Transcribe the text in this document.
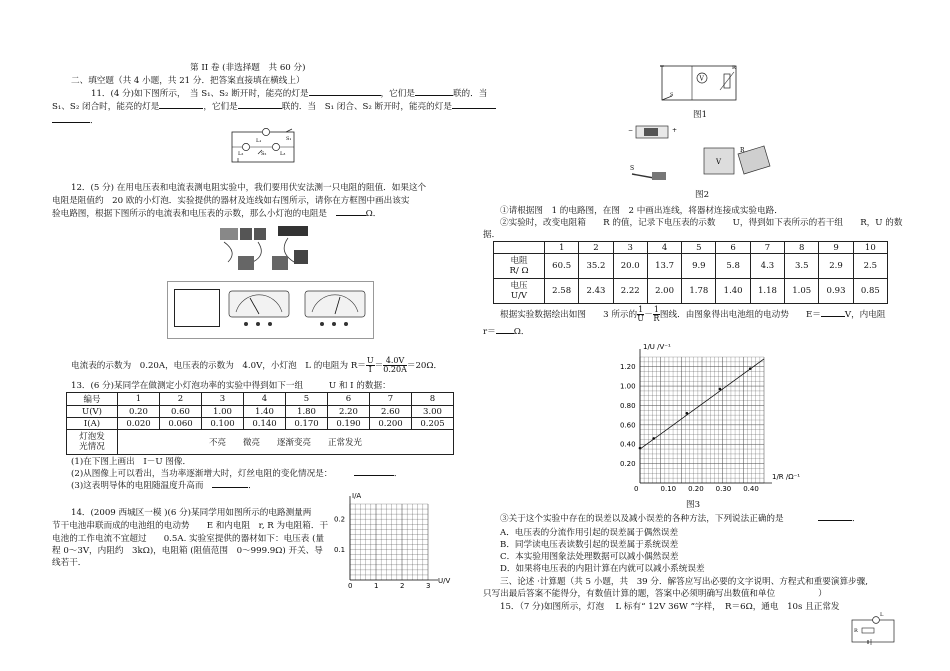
第 II 卷 (非选择题　共 60 分)
二、填空题（共 4 小题，共 21 分．把答案直接填在横线上）
11．(4 分)如下图所示，　当 S₁、S₂ 断开时，能亮的灯是	，它们是	联的．当
S₁、S₂ 闭合时，能亮的灯是	，它们是	联的．当　S₁ 闭合、S₂ 断开时，能亮的灯是
．
L₁
L₂	L₃
S₁
S₂
12．(5 分) 在用电压表和电流表测电阻实验中，我们要用伏安法测一只电阻的阻值．如果这个
电阻是阻值约　20 欧的小灯泡．实验提供的器材及连线如右图所示，请你在方框图中画出该实
验电路图，根据下图所示的电流表和电压表的示数，那么小灯泡的电阻是　	Ω．
电流表的示数为　0.20A，电压表的示数为　4.0V，小灯泡　L 的电阻为 $R= \frac{U}{I} = \frac{4.0V}{0.20A} =20\Omega$．
13．(6 分)某同学在做测定小灯泡功率的实验中得到如下一组　　　U 和 I 的数据：
编号	1	2	3	4	5	6	7	8
U(V)	0.20	0.60	1.00	1.40	1.80	2.20	2.60	3.00
I(A)	0.020	0.060	0.100	0.140	0.170	0.190	0.200	0.205
灯泡发
光情况	不亮　　微亮　　逐渐变亮　　正常发光							
(1)在下图上画出　I－U 图像．
(2)从图像上可以看出，当功率逐渐增大时，灯丝电阻的变化情况是：　　　	．
(3)这表明导体的电阻随温度升高而　	．
I/A
U/V
0	1	2	3
0.1
0.2
14．(2009 西城区一模 )(6 分)某同学用如图所示的电路测量两
节干电池串联而成的电池组的电动势　　E 和内电阻　r, R 为电阻箱．干
电池的工作电流不宜超过　　0.5A. 实验室提供的器材如下：电压表 (量
程 0～3V，内阻约　3kΩ)，电阻箱 (阻值范围　0～999.9Ω) 开关、导
线若干．
V
R
S
图1
−	+
V
R
S
图2
①请根据图　1 的电路图，在图　2 中画出连线，将器材连接成实验电路．
②实验时，改变电阻箱　　R 的值，记录下电压表的示数　　U，得到如下表所示的若干组　　R，U 的数
据．
	1	2	3	4	5	6	7	8	9	10
电阻
R/ Ω	60.5	35.2	20.0	13.7	9.9	5.8	4.3	3.5	2.9	2.5
电压
U/V	2.58	2.43	2.22	2.00	1.78	1.40	1.18	1.05	0.93	0.85
根据实验数据绘出如图　　3 所示的 $\frac{1}{U} - \frac{1}{R}$ 图线．由图象得出电池组的电动势　　E＝	V，内电阻
r＝ Ω．
0	0.10 0.20 0.30 0.40
0.20
0.40
0.60
0.80
1.00
1.20
1/R /Ω⁻¹
1/U /V⁻¹
图3
③关于这个实验中存在的误差以及减小误差的各种方法，下列说法正确的是　　　　	．
A．电压表的分流作用引起的误差属于偶然误差
B．同学读电压表读数引起的误差属于系统误差
C．本实验用图象法处理数据可以减小偶然误差
D．如果将电压表的内阻计算在内就可以减小系统误差
三、论述 ·计算题（共 5 小题，共　39 分．解答应写出必要的文字说明、方程式和重要演算步骤,
只写出最后答案不能得分，有数值计算的题，答案中必须明确写出数值和单位　　　　　）
15．（7 分)如图所示，灯泡　 L 标有“ 12V 36W ”字样，　R＝6Ω，通电　10s 且正常发
L
R
